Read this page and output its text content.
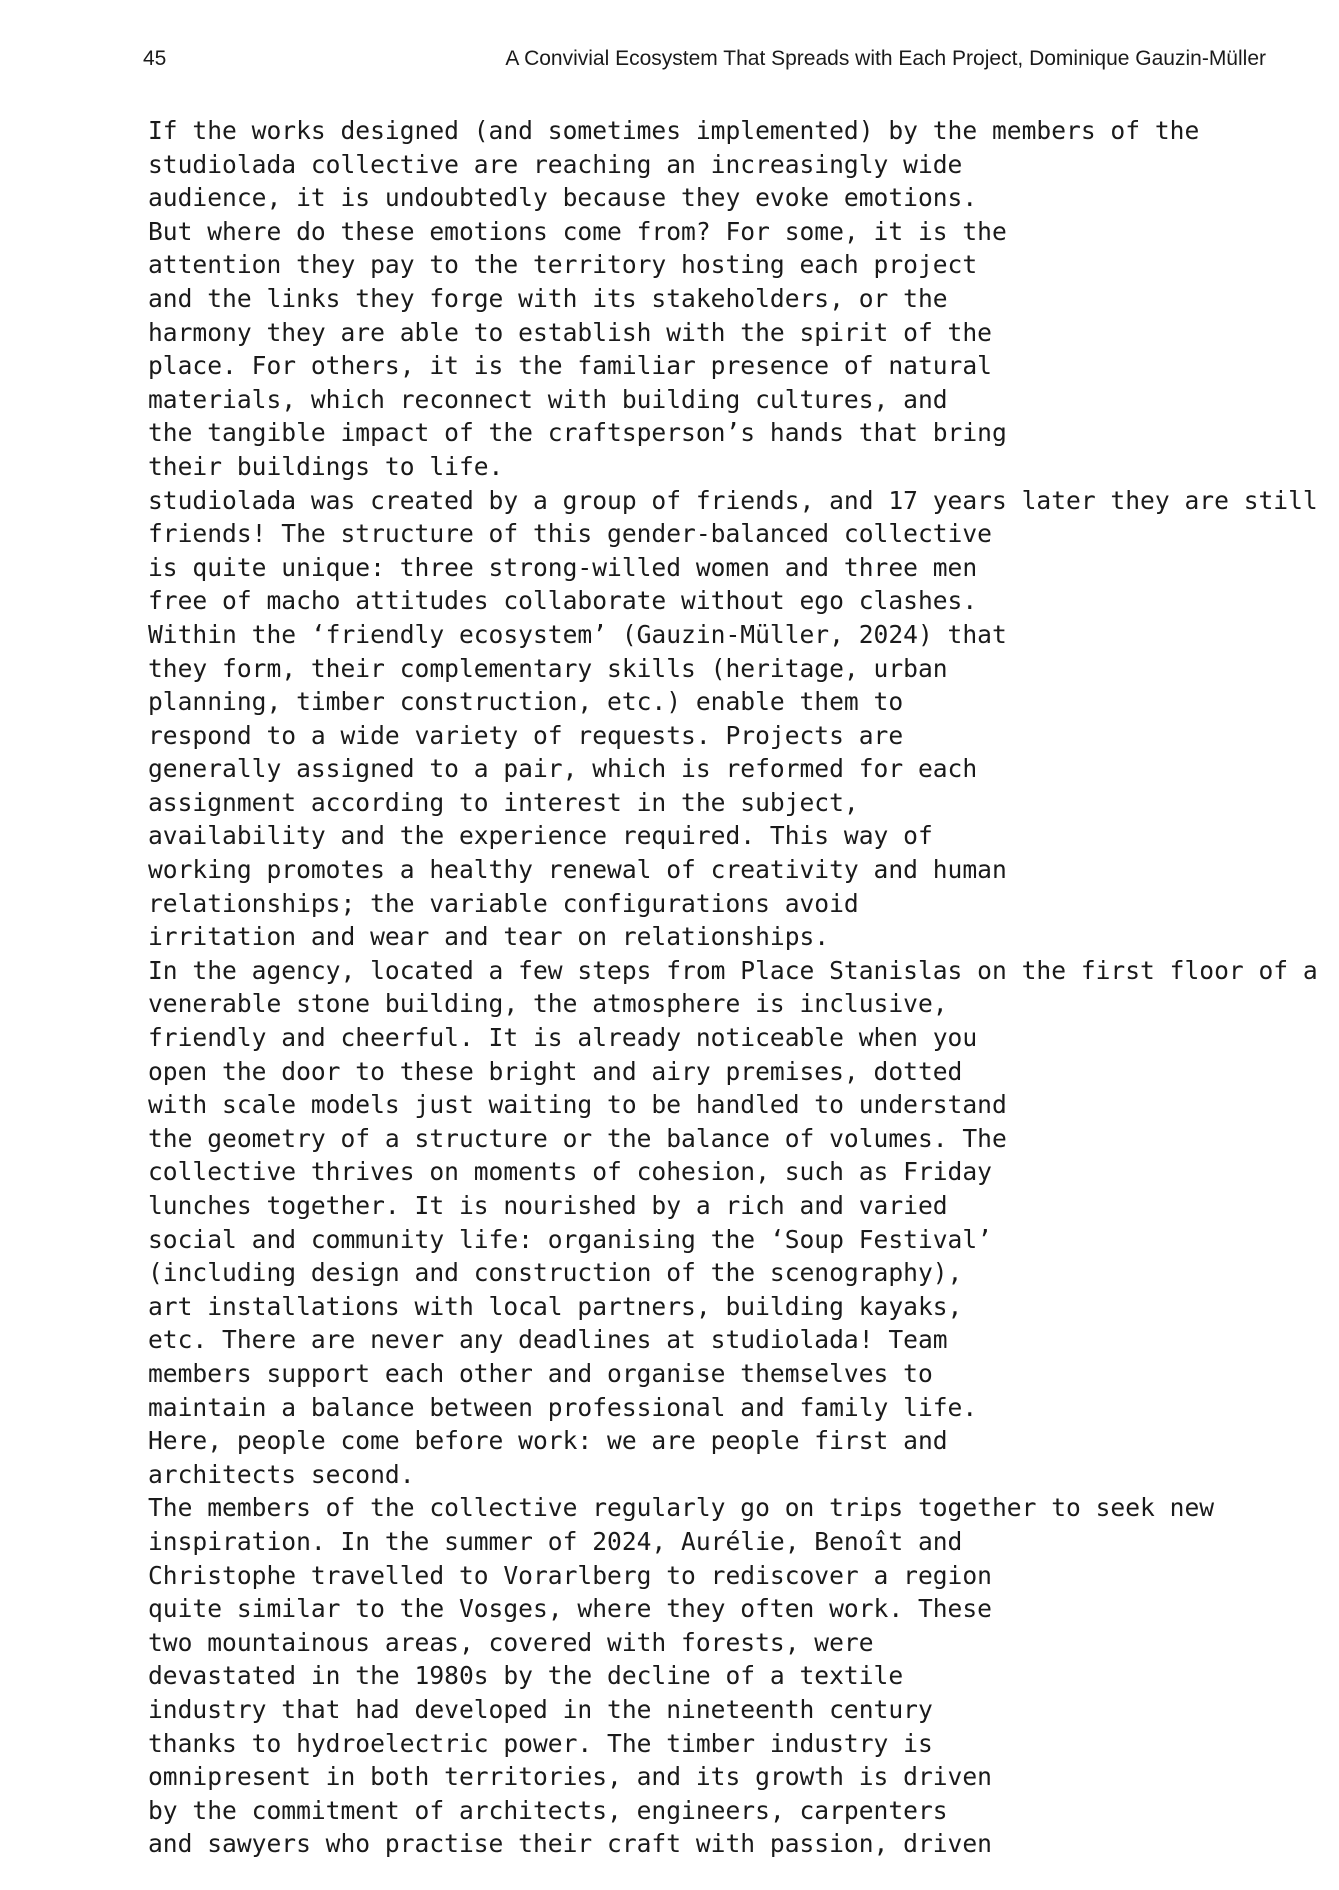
45	A Convivial Ecosystem That Spreads with Each Project, Dominique Gauzin-Müller

If the works designed (and sometimes implemented) by the members of the
studiolada collective are reaching an increasingly wide
audience, it is undoubtedly because they evoke emotions.
But where do these emotions come from? For some, it is the
attention they pay to the territory hosting each project
and the links they forge with its stakeholders, or the
harmony they are able to establish with the spirit of the
place. For others, it is the familiar presence of natural
materials, which reconnect with building cultures, and
the tangible impact of the craftsperson’s hands that bring
their buildings to life.

studiolada was created by a group of friends, and 17 years later they are still
friends! The structure of this gender-balanced collective
is quite unique: three strong-willed women and three men
free of macho attitudes collaborate without ego clashes.
Within the ‘friendly ecosystem’ (Gauzin-Müller, 2024) that
they form, their complementary skills (heritage, urban
planning, timber construction, etc.) enable them to
respond to a wide variety of requests. Projects are
generally assigned to a pair, which is reformed for each
assignment according to interest in the subject,
availability and the experience required. This way of
working promotes a healthy renewal of creativity and human
relationships; the variable configurations avoid
irritation and wear and tear on relationships.

In the agency, located a few steps from Place Stanislas on the first floor of a
venerable stone building, the atmosphere is inclusive,
friendly and cheerful. It is already noticeable when you
open the door to these bright and airy premises, dotted
with scale models just waiting to be handled to understand
the geometry of a structure or the balance of volumes. The
collective thrives on moments of cohesion, such as Friday
lunches together. It is nourished by a rich and varied
social and community life: organising the ‘Soup Festival’
(including design and construction of the scenography),
art installations with local partners, building kayaks,
etc. There are never any deadlines at studiolada! Team
members support each other and organise themselves to
maintain a balance between professional and family life.
Here, people come before work: we are people first and
architects second.

The members of the collective regularly go on trips together to seek new
inspiration. In the summer of 2024, Aurélie, Benoît and
Christophe travelled to Vorarlberg to rediscover a region
quite similar to the Vosges, where they often work. These
two mountainous areas, covered with forests, were
devastated in the 1980s by the decline of a textile
industry that had developed in the nineteenth century
thanks to hydroelectric power. The timber industry is
omnipresent in both territories, and its growth is driven
by the commitment of architects, engineers, carpenters
and sawyers who practise their craft with passion, driven
